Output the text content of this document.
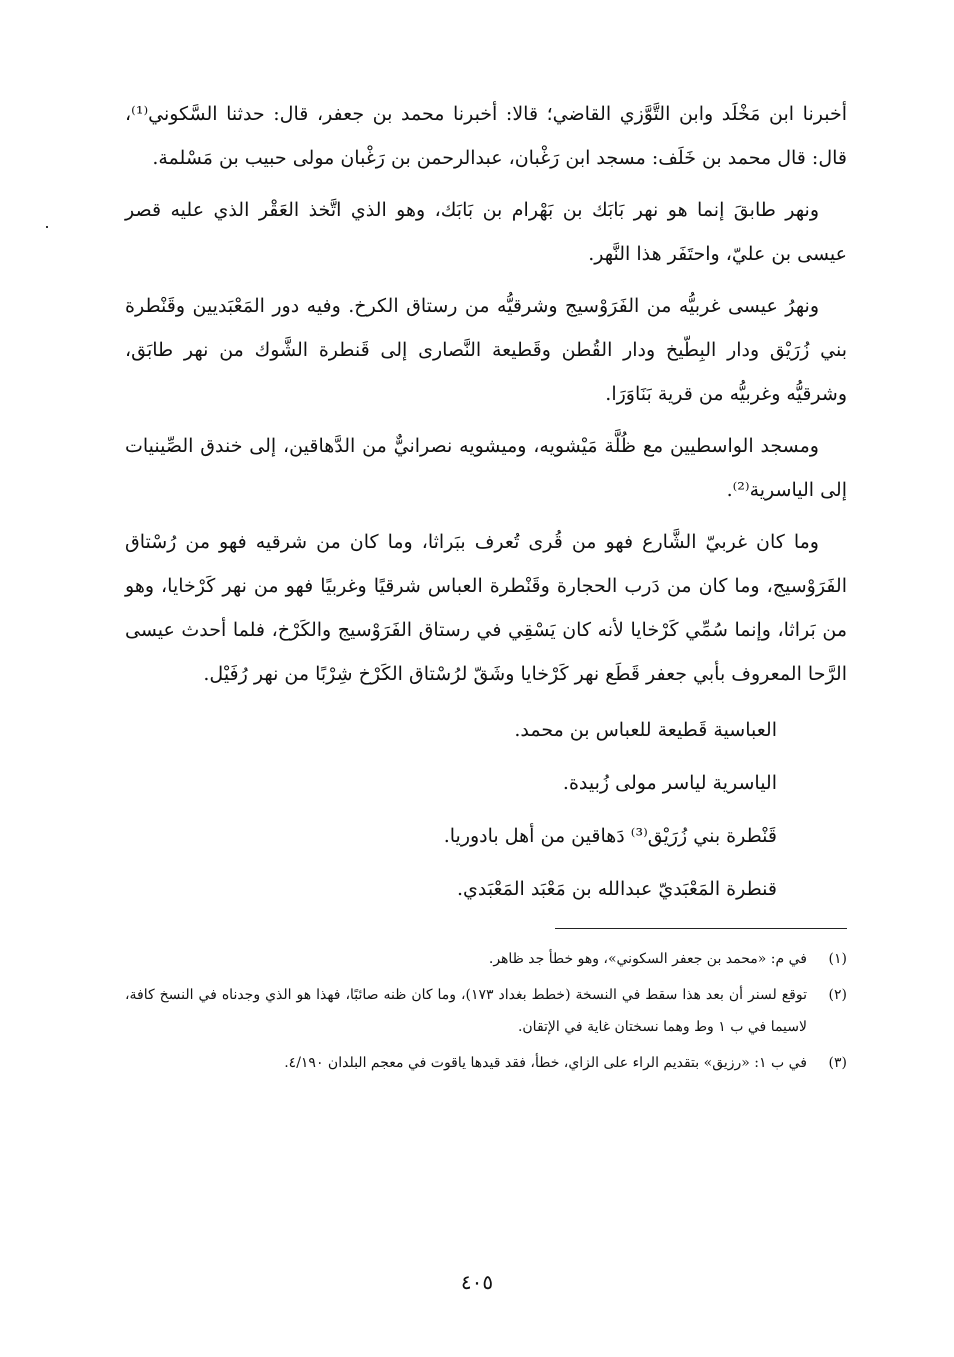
أخبرنا ابن مَخْلَد وابن التَّوَّزي القاضي؛ قالا: أخبرنا محمد بن جعفر، قال: حدثنا السَّكوني⁽¹⁾، قال: قال محمد بن خَلَف: مسجد ابن رَغْبان، عبدالرحمن بن رَغْبان مولى حبيب بن مَسْلمة.

ونهر طابقَ إنما هو نهر بَابَك بن بَهْرام بن بَابَك، وهو الذي اتَّخذ العَقْر الذي عليه قصر عيسى بن عليّ، واحتَفَر هذا النَّهر.

ونهرُ عيسى غربيُّه من الفَرَوْسيج وشرقيُّه من رستاق الكرخ. وفيه دور المَعْبَديين وقَنْطرة بني زُرَيْق ودار البِطّيخ ودار القُطن وقَطيعة النَّصارى إلى قَنطرة الشَّوك من نهر طابَق، وشرقيُّه وغربيُّه من قرية بَنَاوَرَا.

ومسجد الواسطيين مع ظُلَّة مَيْشويه، وميشويه نصرانيٌّ من الدَّهاقين، إلى خندق الصِّينيات إلى الياسرية⁽²⁾.

وما كان غربيّ الشَّارع فهو من قُرى تُعرف ببَراثا، وما كان من شرقيه فهو من رُسْتاق الفَرَوْسيج، وما كان من دَرب الحجارة وقَنْطرة العباس شرقيًا وغربيًا فهو من نهر كَرْخايا، وهو من بَراثا، وإنما سُمِّي كَرْخايا لأنه كان يَسْقِي في رستاق الفَرَوْسيج والكَرْخ، فلما أحدث عيسى الرَّحا المعروف بأبي جعفر قَطَع نهر كَرْخايا وشَقّ لرُسْتاق الكَرْخ شِرْبًا من نهر رُفَيْل.

العباسية قَطيعة للعباس بن محمد.
الياسرية لياسر مولى زُبيدة.
قَنْطرة بني زُرَيْق⁽³⁾ دَهاقين من أهل بادوريا.
قنطرة المَعْبَديّ عبدالله بن مَعْبَد المَعْبَدي.
(١)
في م: «محمد بن جعفر السكوني»، وهو خطأ جد ظاهر.
(٢)
توقع لسنر أن بعد هذا سقط في النسخة (خطط بغداد ١٧٣)، وما كان ظنه صائبًا، فهذا هو الذي وجدناه في النسخ كافة، لاسيما في ب ١ وط وهما نسختان غاية في الإتقان.
(٣)
في ب ١: «رزيق» بتقديم الراء على الزاي، خطأ، فقد قيدها ياقوت في معجم البلدان ٤/١٩٠.
٤٠٥
